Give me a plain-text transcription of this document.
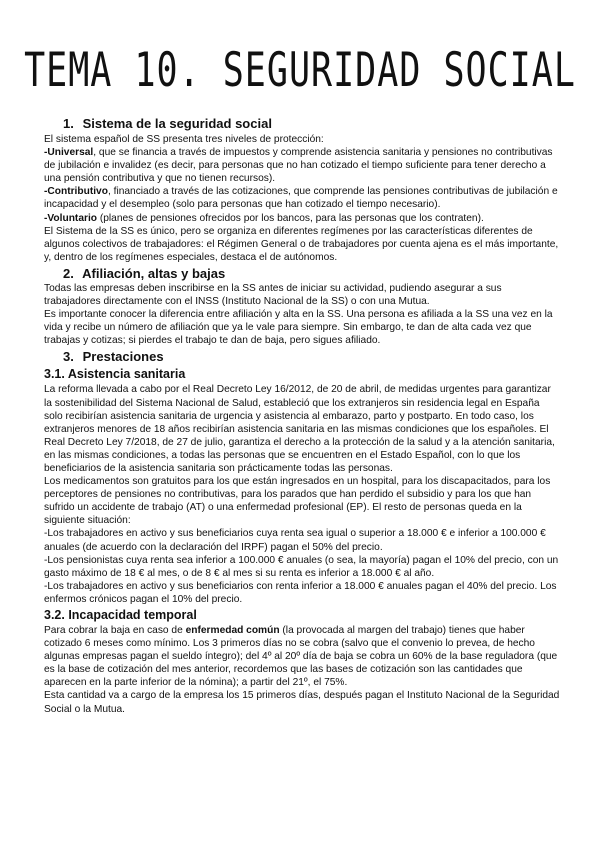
TEMA 10. SEGURIDAD SOCIAL
1. Sistema de la seguridad social

El sistema español de SS presenta tres niveles de protección:

-Universal, que se financia a través de impuestos y comprende asistencia sanitaria y pensiones no contributivas de jubilación e invalidez (es decir, para personas que no han cotizado el tiempo suficiente para tener derecho a una pensión contributiva y que no tienen recursos).

-Contributivo, financiado a través de las cotizaciones, que comprende las pensiones contributivas de jubilación e incapacidad y el desempleo (solo para personas que han cotizado el tiempo necesario).

-Voluntario (planes de pensiones ofrecidos por los bancos, para las personas que los contraten).

El Sistema de la SS es único, pero se organiza en diferentes regímenes por las características diferentes de algunos colectivos de trabajadores: el Régimen General o de trabajadores por cuenta ajena es el más importante, y, dentro de los regímenes especiales, destaca el de autónomos.

2. Afiliación, altas y bajas

Todas las empresas deben inscribirse en la SS antes de iniciar su actividad, pudiendo asegurar a sus trabajadores directamente con el INSS (Instituto Nacional de la SS) o con una Mutua.

Es importante conocer la diferencia entre afiliación y alta en la SS. Una persona es afiliada a la SS una vez en la vida y recibe un número de afiliación que ya le vale para siempre. Sin embargo, te dan de alta cada vez que trabajas y cotizas; si pierdes el trabajo te dan de baja, pero sigues afiliado.

3. Prestaciones
3.1. Asistencia sanitaria

La reforma llevada a cabo por el Real Decreto Ley 16/2012, de 20 de abril, de medidas urgentes para garantizar la sostenibilidad del Sistema Nacional de Salud, estableció que los extranjeros sin residencia legal en España solo recibirían asistencia sanitaria de urgencia y asistencia al embarazo, parto y postparto. En todo caso, los extranjeros menores de 18 años recibirían asistencia sanitaria en las mismas condiciones que los españoles. El Real Decreto Ley 7/2018, de 27 de julio, garantiza el derecho a la protección de la salud y a la atención sanitaria, en las mismas condiciones, a todas las personas que se encuentren en el Estado Español, con lo que los beneficiarios de la asistencia sanitaria son prácticamente todas las personas.

Los medicamentos son gratuitos para los que están ingresados en un hospital, para los discapacitados, para los perceptores de pensiones no contributivas, para los parados que han perdido el subsidio y para los que han sufrido un accidente de trabajo (AT) o una enfermedad profesional (EP). El resto de personas queda en la siguiente situación:

-Los trabajadores en activo y sus beneficiarios cuya renta sea igual o superior a 18.000 € e inferior a 100.000 € anuales (de acuerdo con la declaración del IRPF) pagan el 50% del precio.

-Los pensionistas cuya renta sea inferior a 100.000 € anuales (o sea, la mayoría) pagan el 10% del precio, con un gasto máximo de 18 € al mes, o de 8 € al mes si su renta es inferior a 18.000 € al año.

-Los trabajadores en activo y sus beneficiarios con renta inferior a 18.000 € anuales pagan el 40% del precio. Los enfermos crónicos pagan el 10% del precio.

3.2. Incapacidad temporal

Para cobrar la baja en caso de enfermedad común (la provocada al margen del trabajo) tienes que haber cotizado 6 meses como mínimo. Los 3 primeros días no se cobra (salvo que el convenio lo prevea, de hecho algunas empresas pagan el sueldo íntegro); del 4º al 20º día de baja se cobra un 60% de la base reguladora (que es la base de cotización del mes anterior, recordemos que las bases de cotización son las cantidades que aparecen en la parte inferior de la nómina); a partir del 21º, el 75%.

Esta cantidad va a cargo de la empresa los 15 primeros días, después pagan el Instituto Nacional de la Seguridad Social o la Mutua.
